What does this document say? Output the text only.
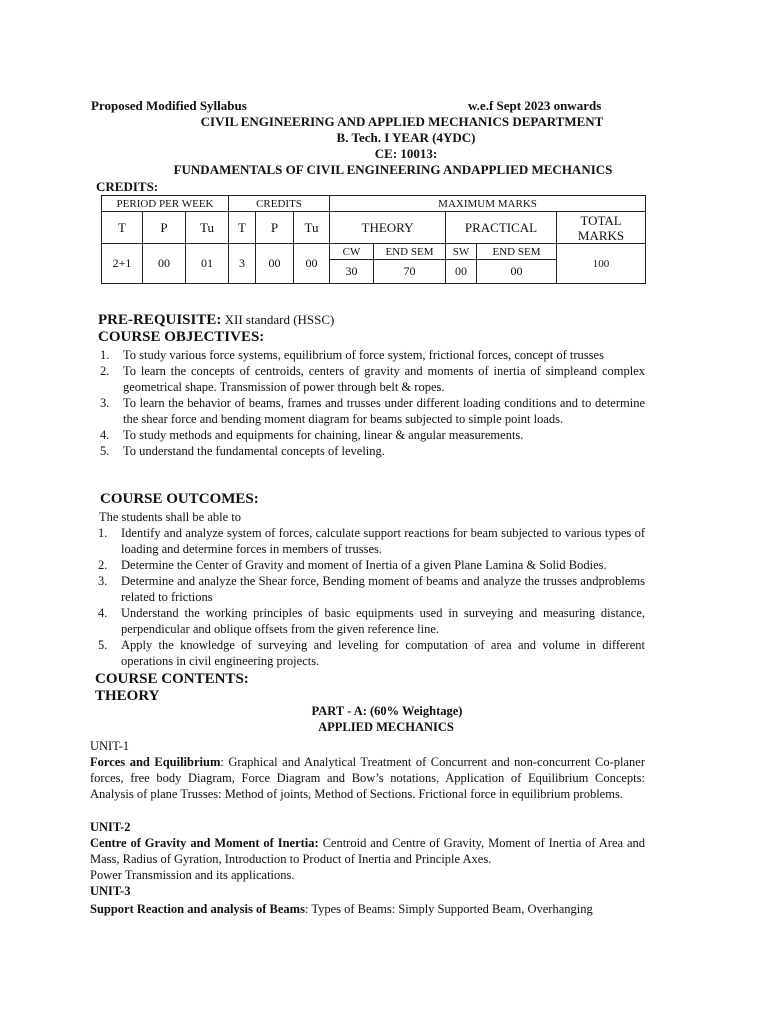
Proposed Modified Syllabus	w.e.f Sept 2023 onwards
CIVIL ENGINEERING AND APPLIED MECHANICS DEPARTMENT
B. Tech. I YEAR (4YDC)
CE: 10013:
FUNDAMENTALS OF CIVIL ENGINEERING ANDAPPLIED MECHANICS
CREDITS:
PERIOD PER WEEK			CREDITS			MAXIMUM MARKS				
T	P	Tu	T	P	Tu	THEORY		PRACTICAL		TOTAL MARKS

2+1	00	01	3	00	00	CW	END SEM	SW	END SEM	100
						30	70	00	00	
PRE-REQUISITE: XII standard (HSSC)
COURSE OBJECTIVES:
1. To study various force systems, equilibrium of force system, frictional forces, concept of trusses
2. To learn the concepts of centroids, centers of gravity and moments of inertia of simpleand complex geometrical shape. Transmission of power through belt & ropes.
3. To learn the behavior of beams, frames and trusses under different loading conditions and to determine the shear force and bending moment diagram for beams subjected to simple point loads.
4. To study methods and equipments for chaining, linear & angular measurements.
5. To understand the fundamental concepts of leveling.
COURSE OUTCOMES:
The students shall be able to
1. Identify and analyze system of forces, calculate support reactions for beam subjected to various types of loading and determine forces in members of trusses.
2. Determine the Center of Gravity and moment of Inertia of a given Plane Lamina & Solid Bodies.
3. Determine and analyze the Shear force, Bending moment of beams and analyze the trusses andproblems related to frictions
4. Understand the working principles of basic equipments used in surveying and measuring distance, perpendicular and oblique offsets from the given reference line.
5. Apply the knowledge of surveying and leveling for computation of area and volume in different operations in civil engineering projects.
COURSE CONTENTS:
THEORY
PART - A: (60% Weightage)
APPLIED MECHANICS
UNIT-1
Forces and Equilibrium: Graphical and Analytical Treatment of Concurrent and non-concurrent Co-planer forces, free body Diagram, Force Diagram and Bow’s notations, Application of Equilibrium Concepts: Analysis of plane Trusses: Method of joints, Method of Sections. Frictional force in equilibrium problems.
UNIT-2
Centre of Gravity and Moment of Inertia: Centroid and Centre of Gravity, Moment of Inertia of Area and Mass, Radius of Gyration, Introduction to Product of Inertia and Principle Axes.
Power Transmission and its applications.
UNIT-3
Support Reaction and analysis of Beams: Types of Beams: Simply Supported Beam, Overhanging
